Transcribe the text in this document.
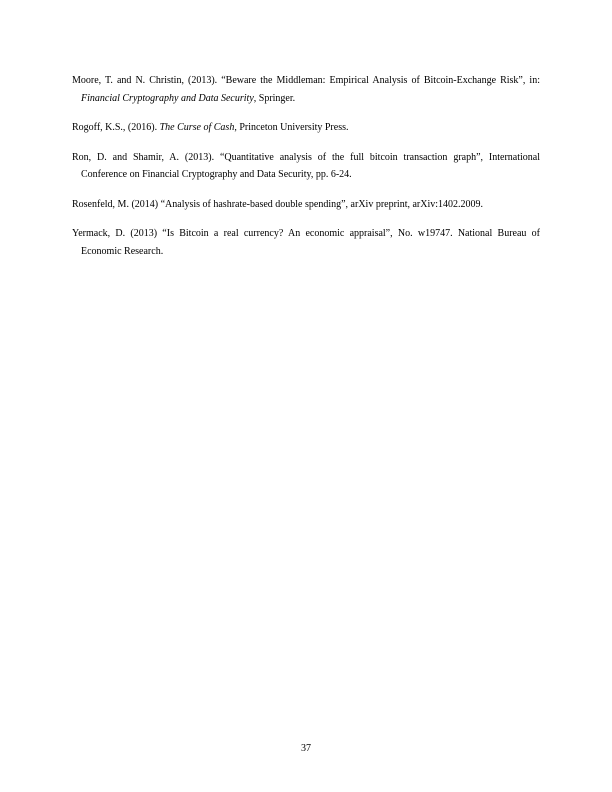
Moore, T. and N. Christin, (2013). “Beware the Middleman: Empirical Analysis of Bitcoin-Exchange Risk”, in: Financial Cryptography and Data Security, Springer.

Rogoff, K.S., (2016). The Curse of Cash, Princeton University Press.

Ron, D. and Shamir, A. (2013). “Quantitative analysis of the full bitcoin transaction graph”, International Conference on Financial Cryptography and Data Security, pp. 6-24.

Rosenfeld, M. (2014) “Analysis of hashrate-based double spending”, arXiv preprint, arXiv:1402.2009.

Yermack, D. (2013) “Is Bitcoin a real currency? An economic appraisal”, No. w19747. National Bureau of Economic Research.

37
